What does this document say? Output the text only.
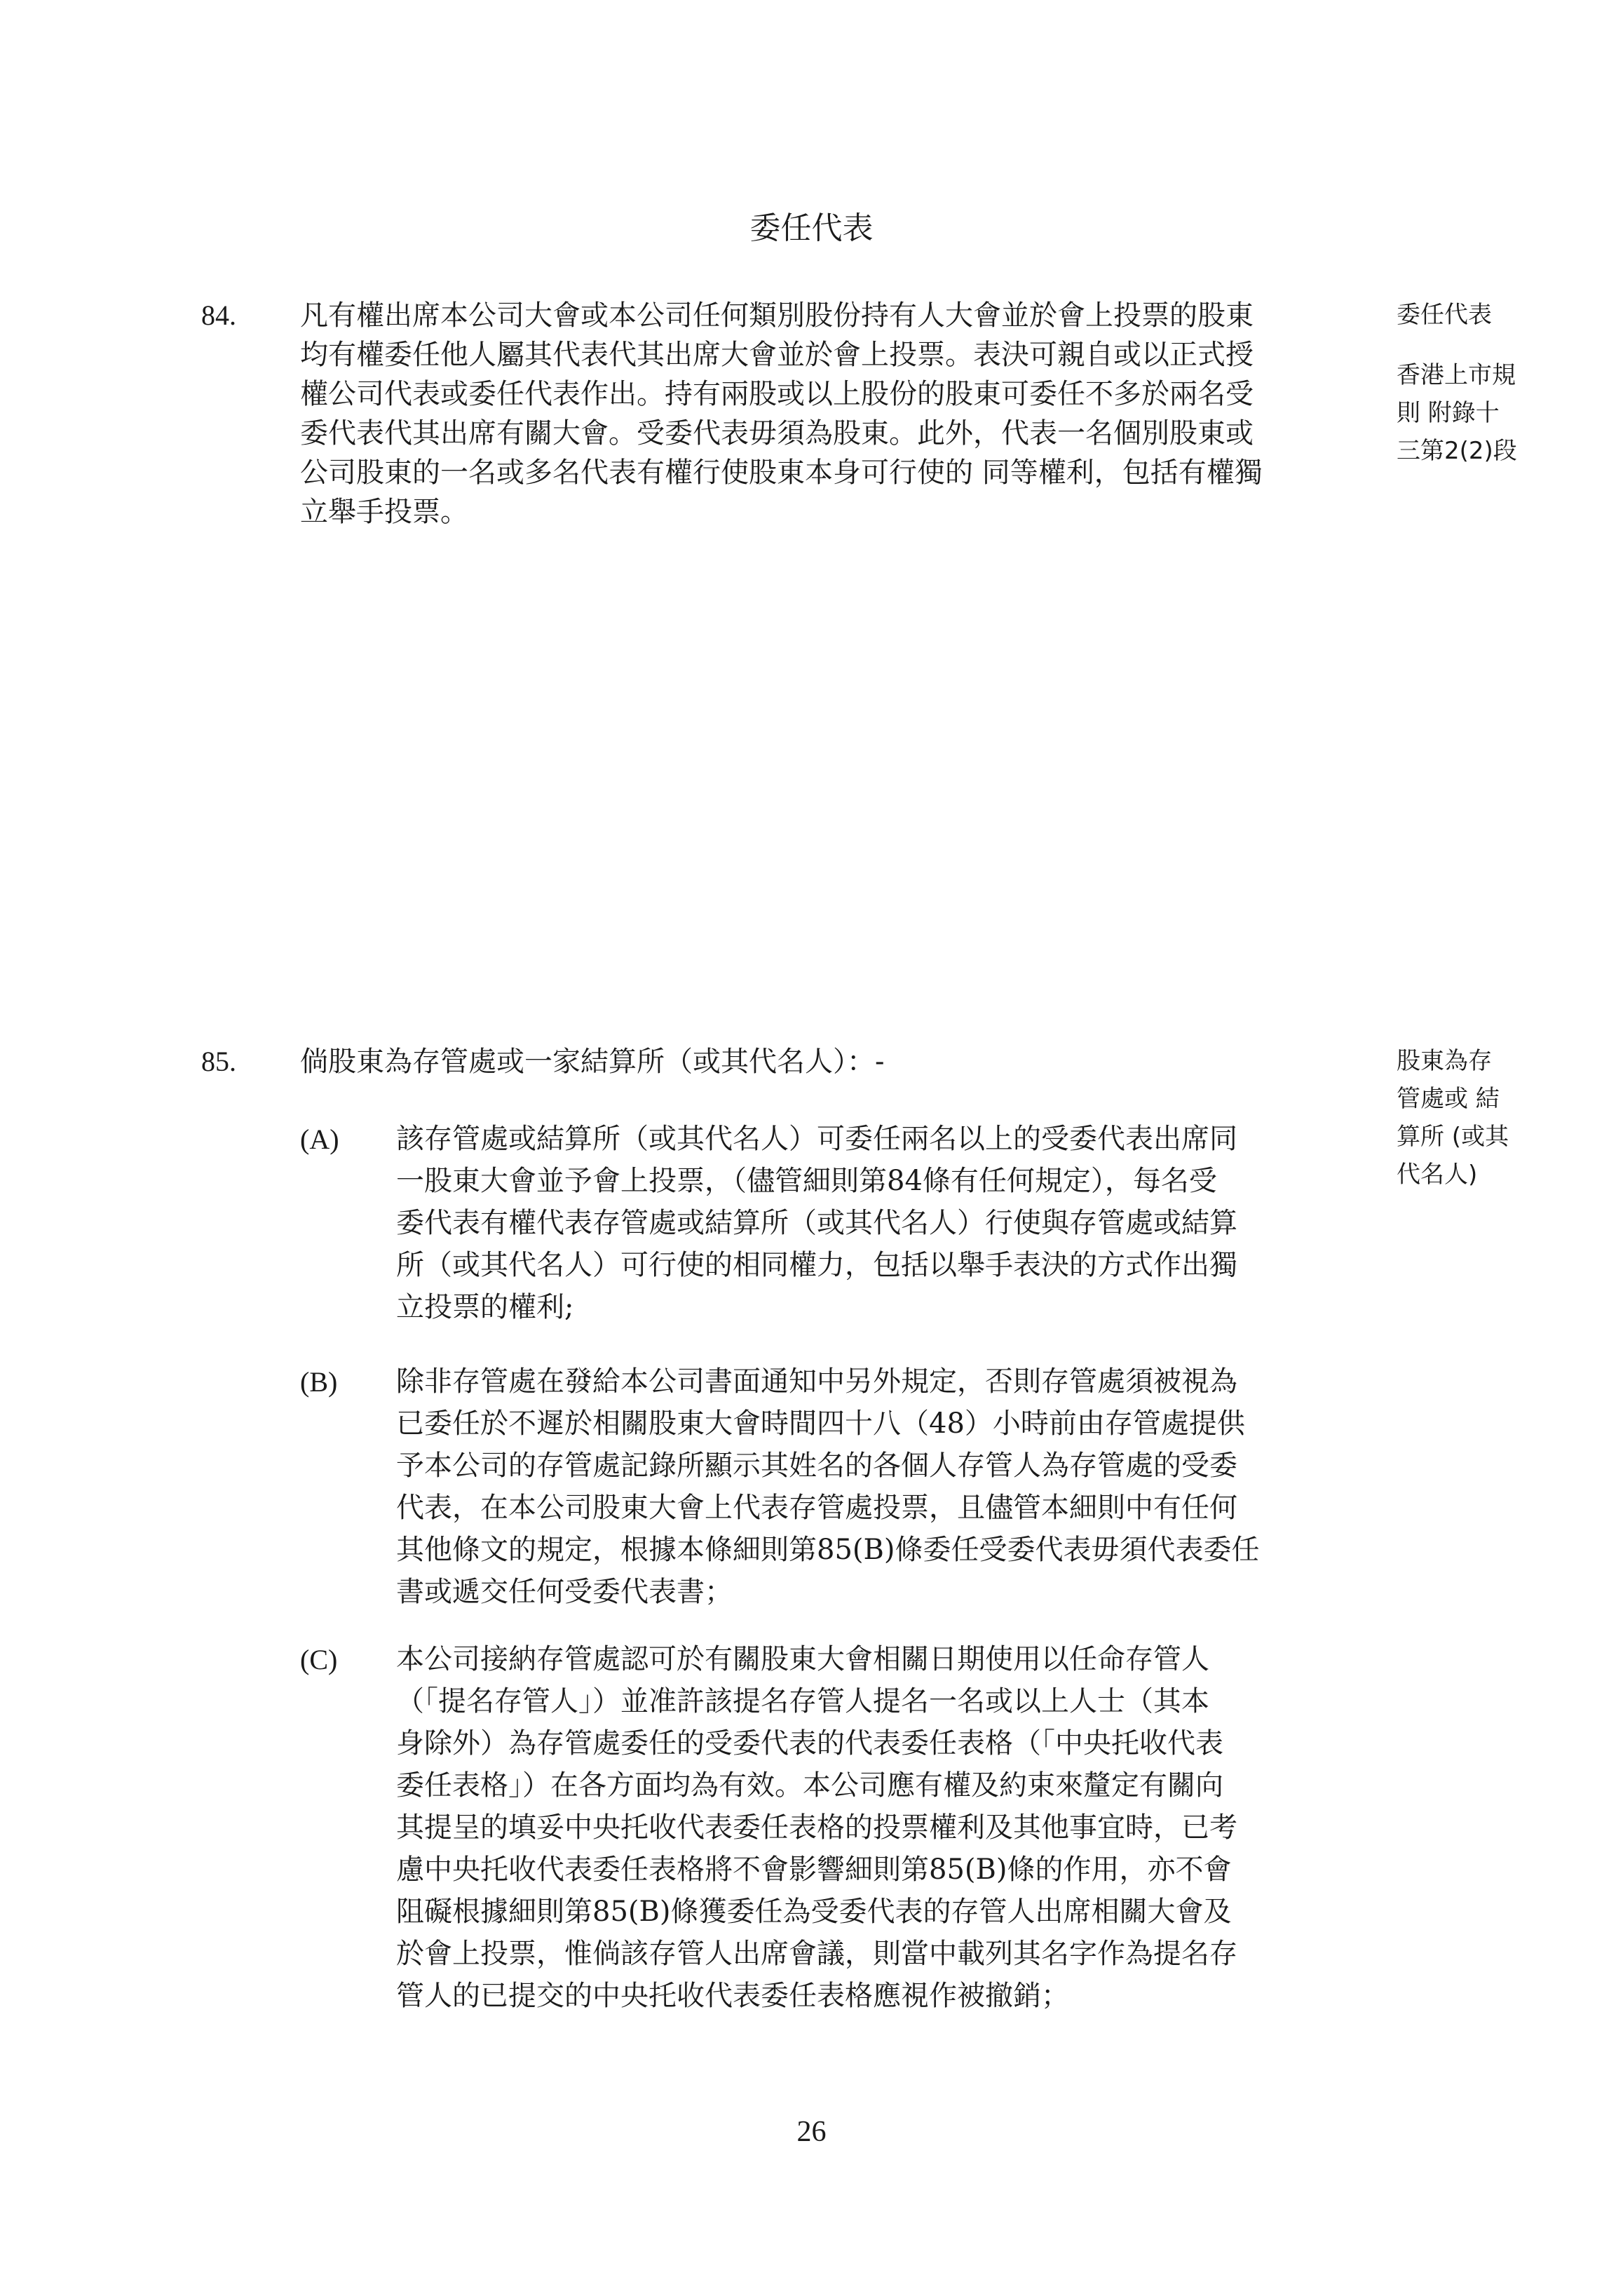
委任代表
84. 凡有權出席本公司大會或本公司任何類別股份持有人大會並於會上投票的股東
均有權委任他人屬其代表代其出席大會並於會上投票。表決可親自或以正式授
權公司代表或委任代表作出。持有兩股或以上股份的股東可委任不多於兩名受
委代表代其出席有關大會。受委代表毋須為股東。此外，代表一名個別股東或
公司股東的一名或多名代表有權行使股東本身可行使的 同等權利，包括有權獨
立舉手投票。
委任代表
香港上市規
則 附錄十
三第2(2)段
85. 倘股東為存管處或一家結算所（或其代名人）：-	股東為存
管處或 結
算所 (或其
代名人)
(A) 該存管處或結算所（或其代名人）可委任兩名以上的受委代表出席同
一股東大會並予會上投票，（儘管細則第84條有任何規定），每名受
委代表有權代表存管處或結算所（或其代名人）行使與存管處或結算
所（或其代名人）可行使的相同權力，包括以舉手表決的方式作出獨
立投票的權利;
(B) 除非存管處在發給本公司書面通知中另外規定，否則存管處須被視為
已委任於不遲於相關股東大會時間四十八（48）小時前由存管處提供
予本公司的存管處記錄所顯示其姓名的各個人存管人為存管處的受委
代表，在本公司股東大會上代表存管處投票，且儘管本細則中有任何
其他條文的規定，根據本條細則第85(B)條委任受委代表毋須代表委任
書或遞交任何受委代表書；
(C) 本公司接納存管處認可於有關股東大會相關日期使用以任命存管人
（「提名存管人」）並准許該提名存管人提名一名或以上人士（其本
身除外）為存管處委任的受委代表的代表委任表格（「中央托收代表
委任表格」）在各方面均為有效。本公司應有權及約束來釐定有關向
其提呈的填妥中央托收代表委任表格的投票權利及其他事宜時，已考
慮中央托收代表委任表格將不會影響細則第85(B)條的作用，亦不會
阻礙根據細則第85(B)條獲委任為受委代表的存管人出席相關大會及
於會上投票，惟倘該存管人出席會議，則當中載列其名字作為提名存
管人的已提交的中央托收代表委任表格應視作被撤銷；
26
